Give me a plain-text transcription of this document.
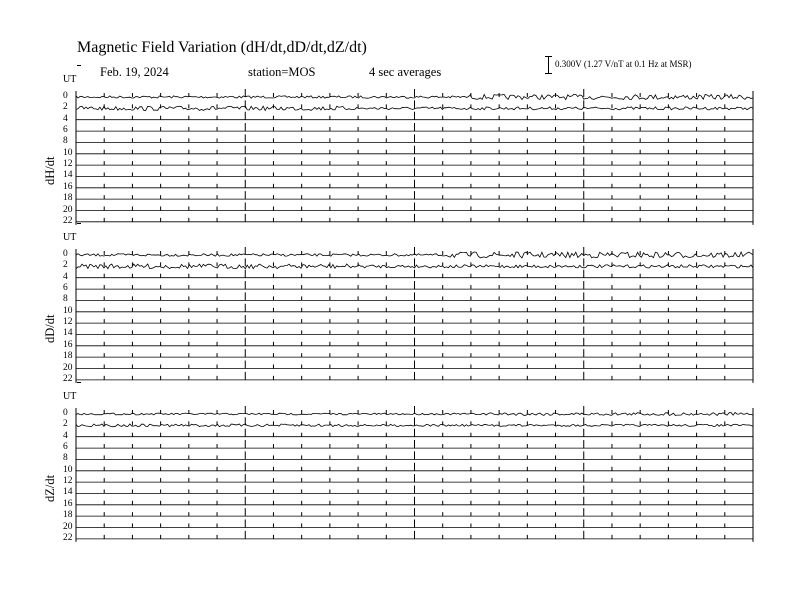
Magnetic Field Variation (dH/dt,dD/dt,dZ/dt)
Feb. 19, 2024	station=MOS	4 sec averages
0.300V (1.27 V/nT at 0.1 Hz at MSR)
UT
dH/dt
0
2
4
6
8
10
12
14
16
18
20
22
UT
dD/dt
0
2
4
6
8
10
12
14
16
18
20
22
UT
dZ/dt
0
2
4
6
8
10
12
14
16
18
20
22
